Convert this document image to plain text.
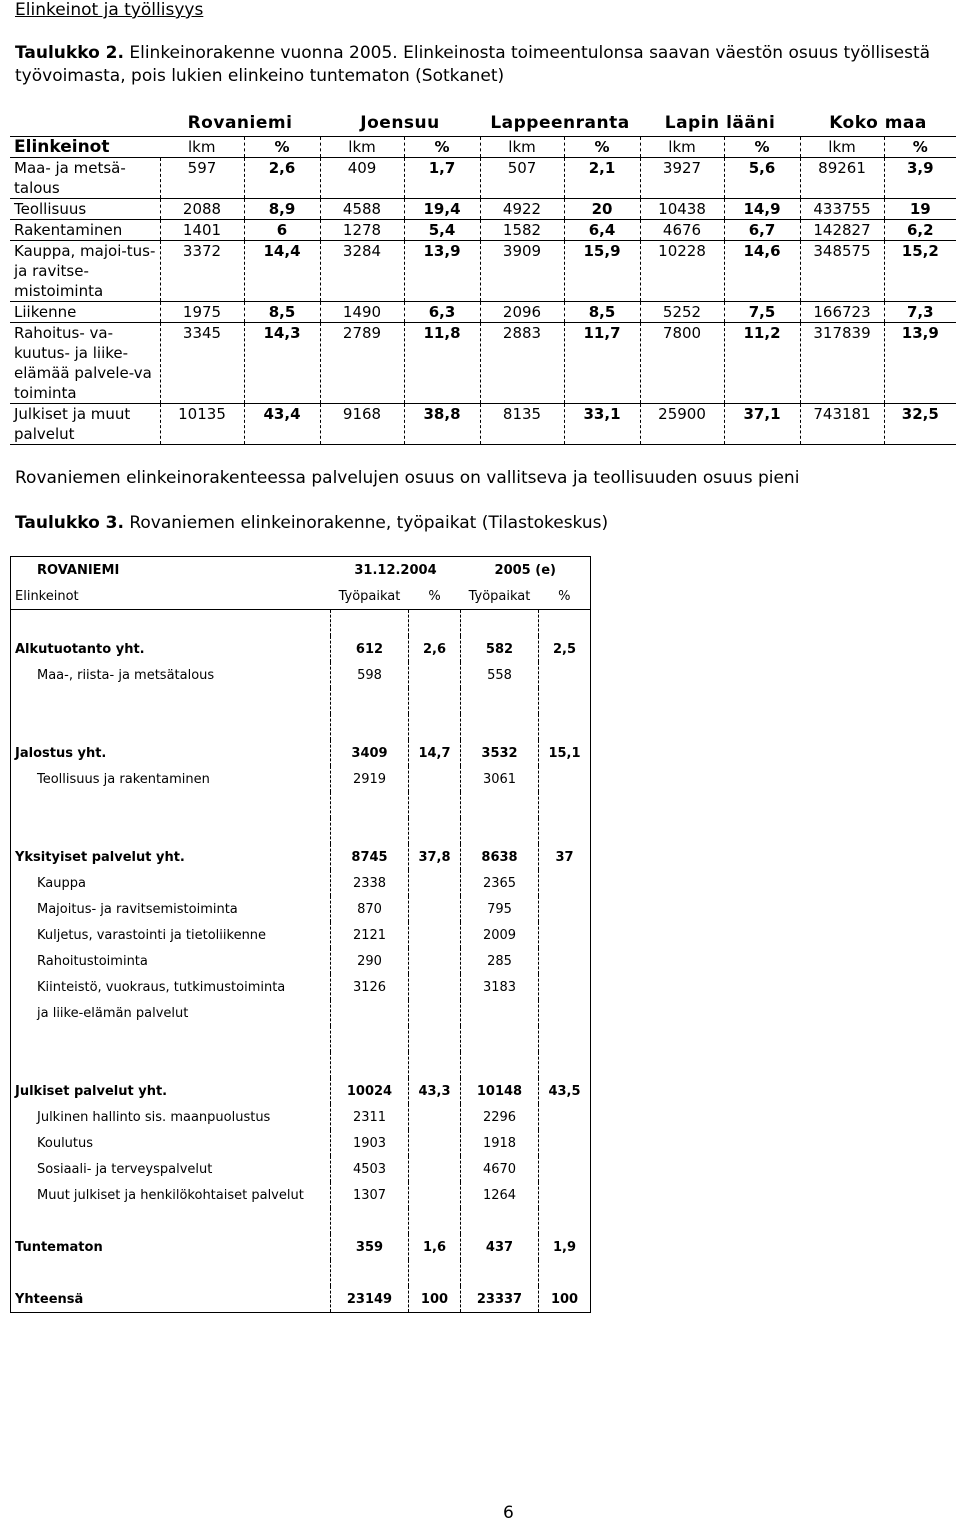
Elinkeinot ja työllisyys
Taulukko 2. Elinkeinorakenne vuonna 2005. Elinkeinosta toimeentulonsa saavan väestön osuus työllisestä työvoimasta, pois lukien elinkeino tuntematon (Sotkanet)
	Rovaniemi		Joensuu		Lappeenranta		Lapin lääni		Koko maa	
Elinkeinot	lkm	%	lkm	%	lkm	%	lkm	%	lkm	%
Maa- ja metsä-talous	597	2,6	409	1,7	507	2,1	3927	5,6	89261	3,9
Teollisuus	2088	8,9	4588	19,4	4922	20	10438	14,9	433755	19
Rakentaminen	1401	6	1278	5,4	1582	6,4	4676	6,7	142827	6,2
Kauppa, majoi-tus- ja ravitse-mistoiminta	3372	14,4	3284	13,9	3909	15,9	10228	14,6	348575	15,2
Liikenne	1975	8,5	1490	6,3	2096	8,5	5252	7,5	166723	7,3
Rahoitus- va-kuutus- ja liike-elämää palvele-va toiminta	3345	14,3	2789	11,8	2883	11,7	7800	11,2	317839	13,9
Julkiset ja muut palvelut	10135	43,4	9168	38,8	8135	33,1	25900	37,1	743181	32,5
Rovaniemen elinkeinorakenteessa palvelujen osuus on vallitseva ja teollisuuden osuus pieni
Taulukko 3. Rovaniemen elinkeinorakenne, työpaikat (Tilastokeskus)
ROVANIEMI	31.12.2004		2005 (e)	
Elinkeinot	Työpaikat	%	Työpaikat	%

Alkutuotanto yht.	612	2,6	582	2,5
Maa-, riista- ja metsätalous	598		558	

Jalostus yht.	3409	14,7	3532	15,1
Teollisuus ja rakentaminen	2919		3061	

Yksityiset palvelut yht.	8745	37,8	8638	37
Kauppa	2338		2365	
Majoitus- ja ravitsemistoiminta	870		795	
Kuljetus, varastointi ja tietoliikenne	2121		2009	
Rahoitustoiminta	290		285	
Kiinteistö, vuokraus, tutkimustoiminta	3126		3183	
ja liike-elämän palvelut				

Julkiset palvelut yht.	10024	43,3	10148	43,5
Julkinen hallinto sis. maanpuolustus	2311		2296	
Koulutus	1903		1918	
Sosiaali- ja terveyspalvelut	4503		4670	
Muut julkiset ja henkilökohtaiset palvelut	1307		1264	

Tuntematon	359	1,6	437	1,9

Yhteensä	23149	100	23337	100
6
